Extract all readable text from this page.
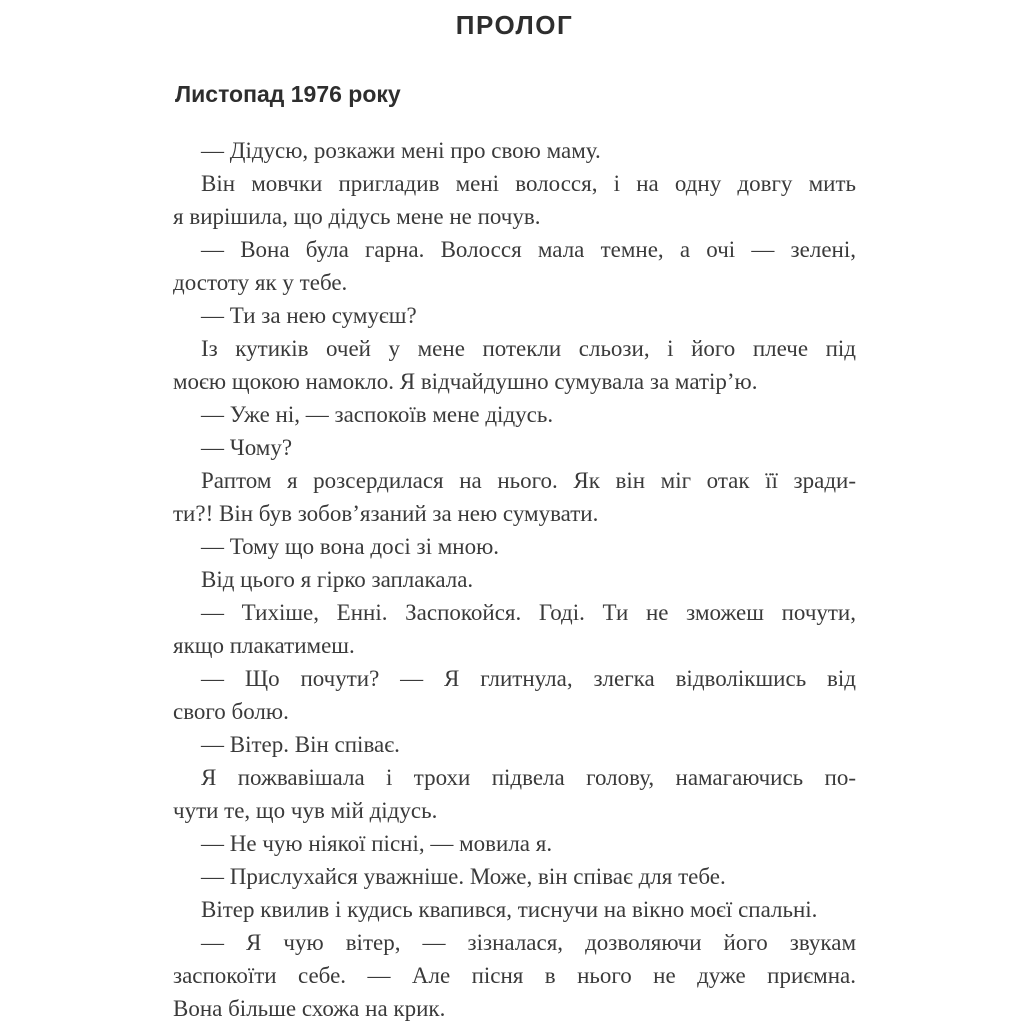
ПРОЛОГ
Листопад 1976 року
— Дідусю, розкажи мені про свою маму.
Він мовчки пригладив мені волосся, і на одну довгу мить
я вирішила, що дідусь мене не почув.
— Вона була гарна. Волосся мала темне, а очі — зелені,
достоту як у тебе.
— Ти за нею сумуєш?
Із кутиків очей у мене потекли сльози, і його плече під
моєю щокою намокло. Я відчайдушно сумувала за матір’ю.
— Уже ні, — заспокоїв мене дідусь.
— Чому?
Раптом я розсердилася на нього. Як він міг отак її зради-
ти?! Він був зобов’язаний за нею сумувати.
— Тому що вона досі зі мною.
Від цього я гірко заплакала.
— Тихіше, Енні. Заспокойся. Годі. Ти не зможеш почути,
якщо плакатимеш.
— Що почути? — Я глитнула, злегка відволікшись від
свого болю.
— Вітер. Він співає.
Я пожвавішала і трохи підвела голову, намагаючись по-
чути те, що чув мій дідусь.
— Не чую ніякої пісні, — мовила я.
— Прислухайся уважніше. Може, він співає для тебе.
Вітер квилив і кудись квапився, тиснучи на вікно моєї спальні.
— Я чую вітер, — зізналася, дозволяючи його звукам
заспокоїти себе. — Але пісня в нього не дуже приємна.
Вона більше схожа на крик.
